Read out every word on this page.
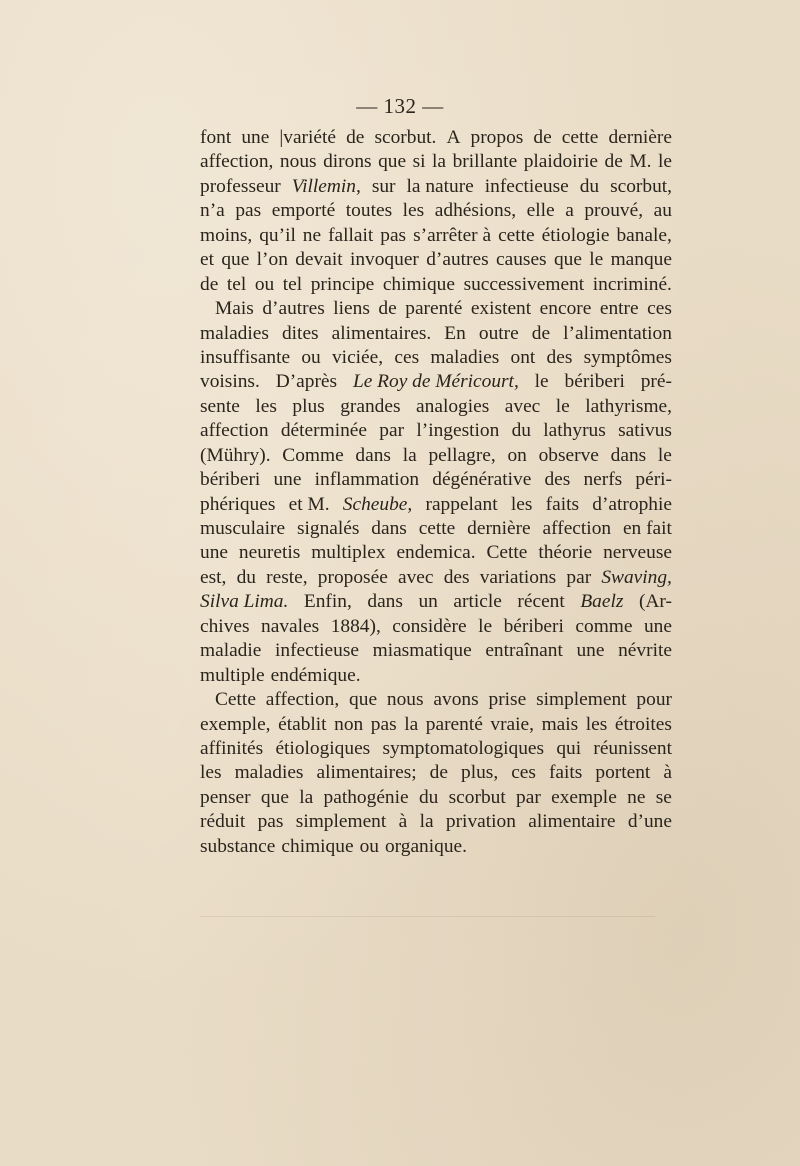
— 132 —
font une |variété de scorbut. A propos de cette dernière
affection, nous dirons que si la brillante plaidoirie de M. le
professeur Villemin, sur la nature infectieuse du scorbut,
n’a pas emporté toutes les adhésions, elle a prouvé, au
moins, qu’il ne fallait pas s’arrêter à cette étiologie banale,
et que l’on devait invoquer d’autres causes que le manque
de tel ou tel principe chimique successivement incriminé.
Mais d’autres liens de parenté existent encore entre ces
maladies dites alimentaires. En outre de l’alimentation
insuffisante ou viciée, ces maladies ont des symptômes
voisins. D’après Le Roy de Méricourt, le bériberi pré-
sente les plus grandes analogies avec le lathyrisme,
affection déterminée par l’ingestion du lathyrus sativus
(Mühry). Comme dans la pellagre, on observe dans le
bériberi une inflammation dégénérative des nerfs péri-
phériques et M. Scheube, rappelant les faits d’atrophie
musculaire signalés dans cette dernière affection en fait
une neuretis multiplex endemica. Cette théorie nerveuse
est, du reste, proposée avec des variations par Swaving,
Silva Lima. Enfin, dans un article récent Baelz (Ar-
chives navales 1884), considère le bériberi comme une
maladie infectieuse miasmatique entraînant une névrite
multiple endémique.
Cette affection, que nous avons prise simplement pour
exemple, établit non pas la parenté vraie, mais les étroites
affinités étiologiques symptomatologiques qui réunissent
les maladies alimentaires; de plus, ces faits portent à
penser que la pathogénie du scorbut par exemple ne se
réduit pas simplement à la privation alimentaire d’une
substance chimique ou organique.
